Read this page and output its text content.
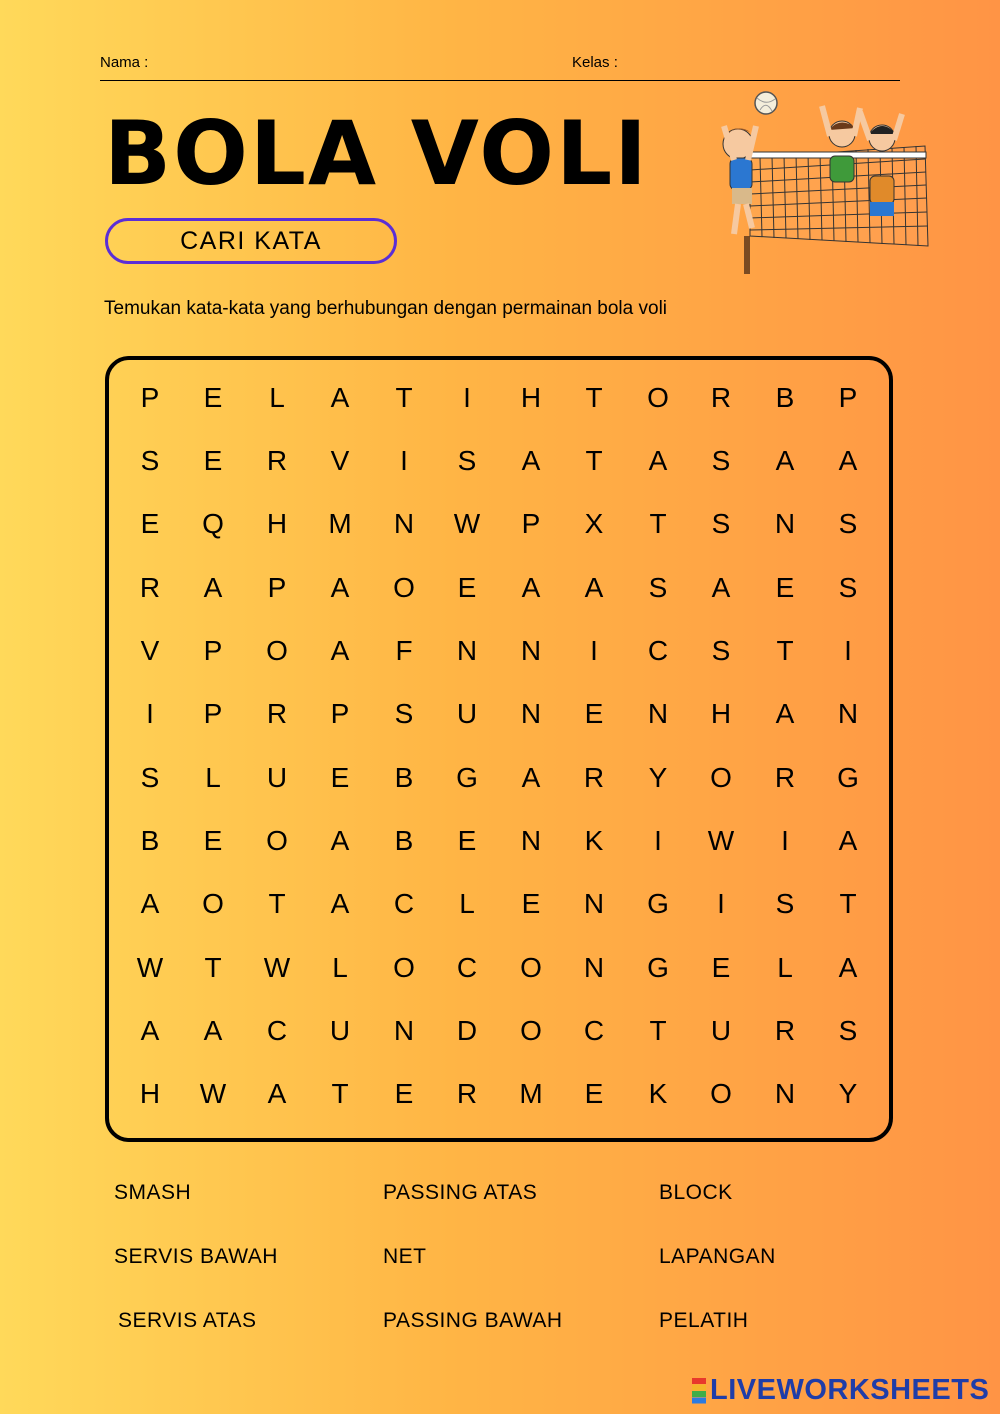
Nama :	Kelas :
BOLA VOLI
CARI KATA
Temukan kata-kata yang berhubungan dengan permainan bola voli
P	E	L	A	T	I	H	T	O	R	B	P
S	E	R	V	I	S	A	T	A	S	A	A
E	Q	H	M	N	W	P	X	T	S	N	S
R	A	P	A	O	E	A	A	S	A	E	S
V	P	O	A	F	N	N	I	C	S	T	I
I	P	R	P	S	U	N	E	N	H	A	N
S	L	U	E	B	G	A	R	Y	O	R	G
B	E	O	A	B	E	N	K	I	W	I	A
A	O	T	A	C	L	E	N	G	I	S	T
W	T	W	L	O	C	O	N	G	E	L	A
A	A	C	U	N	D	O	C	T	U	R	S
H	W	A	T	E	R	M	E	K	O	N	Y
SMASH	PASSING ATAS	BLOCK
SERVIS BAWAH	NET	LAPANGAN
SERVIS ATAS	PASSING BAWAH	PELATIH
LIVEWORKSHEETS
